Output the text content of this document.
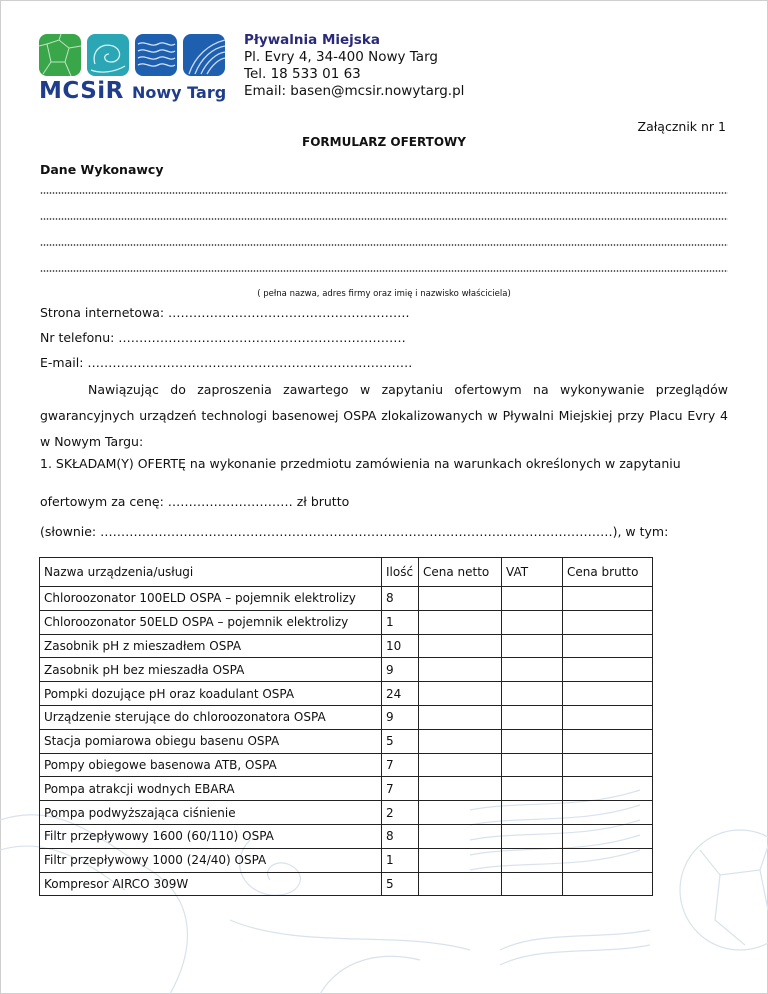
MCSiR Nowy Targ
Pływalnia Miejska
Pl. Evry 4, 34-400 Nowy Targ
Tel. 18 533 01 63
Email: basen@mcsir.nowytarg.pl
Załącznik nr 1
FORMULARZ OFERTOWY
Dane Wykonawcy
( pełna nazwa, adres firmy oraz imię i nazwisko właściciela)
Strona internetowa: ………………………………………………….
Nr telefonu: ……………………………………………………………
E-mail: ……………………………………………………………………
Nawiązując do zaproszenia zawartego w zapytaniu ofertowym na wykonywanie przeglądów gwarancyjnych urządzeń technologi basenowej OSPA zlokalizowanych w Pływalni Miejskiej przy Placu Evry 4 w Nowym Targu:
1. SKŁADAM(Y) OFERTĘ na wykonanie przedmiotu zamówienia na warunkach określonych w zapytaniu
ofertowym za cenę: ………………………… zł brutto
(słownie: ……………………………………………………………………………………………………………), w tym:
Nazwa urządzenia/usługi	Ilość	Cena netto	VAT	Cena brutto
Chloroozonator 100ELD OSPA – pojemnik elektrolizy	8			
Chloroozonator 50ELD OSPA – pojemnik elektrolizy	1			
Zasobnik pH z mieszadłem OSPA	10			
Zasobnik pH bez mieszadła OSPA	9			
Pompki dozujące pH oraz koadulant OSPA	24			
Urządzenie sterujące do chloroozonatora OSPA	9			
Stacja pomiarowa obiegu basenu OSPA	5			
Pompy obiegowe basenowa ATB, OSPA	7			
Pompa atrakcji wodnych EBARA	7			
Pompa podwyższająca ciśnienie	2			
Filtr przepływowy 1600 (60/110) OSPA	8			
Filtr przepływowy 1000 (24/40) OSPA	1			
Kompresor AIRCO 309W	5			
